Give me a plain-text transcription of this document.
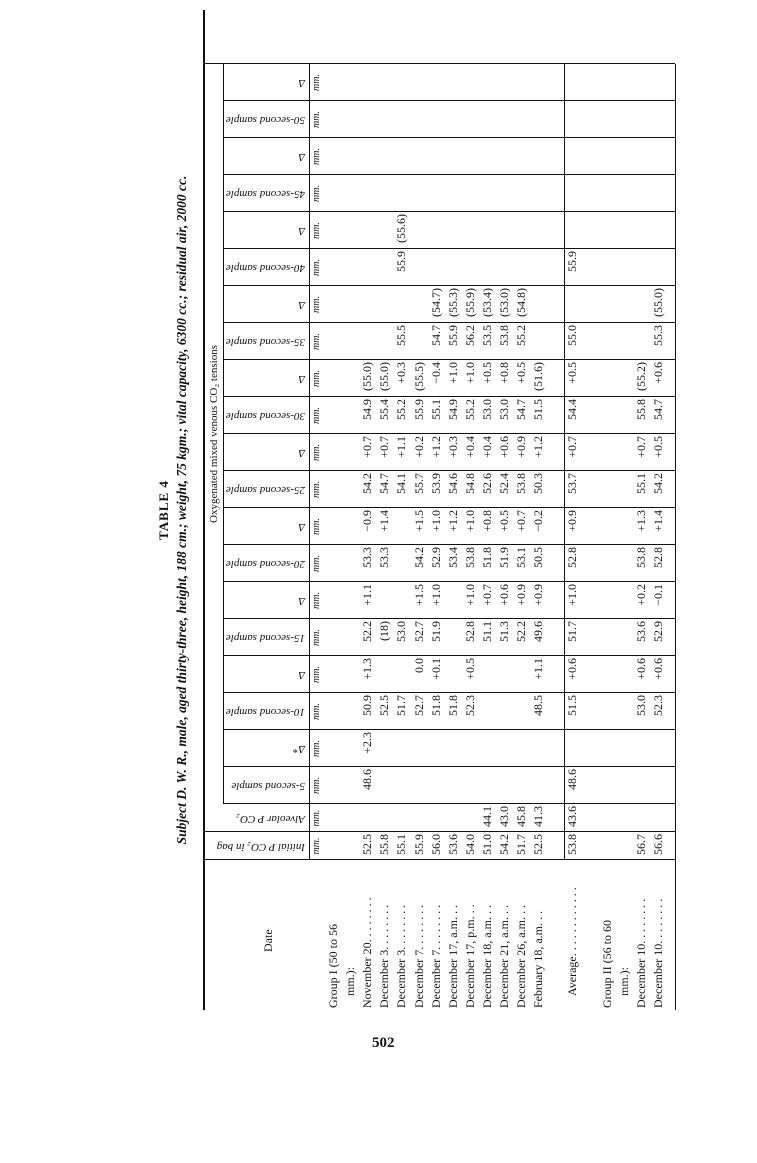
502
TABLE 4 Subject D. W. R., male, aged thirty-three, height, 188 cm.; weight, 75 kgm.; vital capacity, 6300 cc.; residual air, 2000 cc.
Date
Oxygenated mixed venous CO₂ tensions
Initial P CO₂ in bag
Alveolar P CO₂
5-second sample
Δ*
10-second sample
Δ
15-second sample
Δ
20-second sample
Δ
25-second sample
Δ
30-second sample
Δ
35-second sample
Δ
40-second sample
Δ
45-second sample
Δ
50-second sample
Δ
mm.
mm.
mm.
mm.
mm.
mm.
mm.
mm.
mm.
mm.
mm.
mm.
mm.
mm.
mm.
mm.
mm.
mm.
mm.
mm.
mm.
mm.
Group I (50 to 56 mm.): November 20. . . . . . . .
52.5
48.6
+2.3
50.9
+1.3
52.2
+1.1
53.3
−0.9
54.2
+0.7
54.9
(55.0)
December 3. . . . . . . .
55.8
52.5
(18)
53.3
+1.4
54.7
+0.7
55.4
(55.0)
December 3. . . . . . . .
55.1
51.7
53.0
54.1
+1.1
55.2
+0.3
55.5
55.9
(55.6)
December 7. . . . . . . .
55.9
52.7
0.0
52.7
+1.5
54.2
+1.5
55.7
+0.2
55.9
(55.5)
December 7. . . . . . . .
56.0
51.8
+0.1
51.9
+1.0
52.9
+1.0
53.9
+1.2
55.1
−0.4
54.7
(54.7)
December 17, a.m. . .
53.6
51.8
53.4
+1.2
54.6
+0.3
54.9
+1.0
55.9
(55.3)
December 17, p.m. . .
54.0
52.3
+0.5
52.8
+1.0
53.8
+1.0
54.8
+0.4
55.2
+1.0
56.2
(55.9)
December 18, a.m. . .
51.0
44.1
51.1
+0.7
51.8
+0.8
52.6
+0.4
53.0
+0.5
53.5
(53.4)
December 21, a.m. . .
54.2
43.0
51.3
+0.6
51.9
+0.5
52.4
+0.6
53.0
+0.8
53.8
(53.0)
December 26, a.m. . .
51.7
45.8
52.2
+0.9
53.1
+0.7
53.8
+0.9
54.7
+0.5
55.2
(54.8)
February 18, a.m. . .
52.5
41.3
48.5
+1.1
49.6
+0.9
50.5
−0.2
50.3
+1.2
51.5
(51.6)
Average. . . . . . . . . . . .
53.8
43.6
48.6
51.5
+0.6
51.7
+1.0
52.8
+0.9
53.7
+0.7
54.4
+0.5
55.0
55.9
Group II (56 to 60 mm.): December 10. . . . . . . .
56.7
53.0
+0.6
53.6
+0.2
53.8
+1.3
55.1
+0.7
55.8
(55.2)
December 10. . . . . . . .
56.6
52.3
+0.6
52.9
−0.1
52.8
+1.4
54.2
+0.5
54.7
+0.6
55.3
(55.0)
